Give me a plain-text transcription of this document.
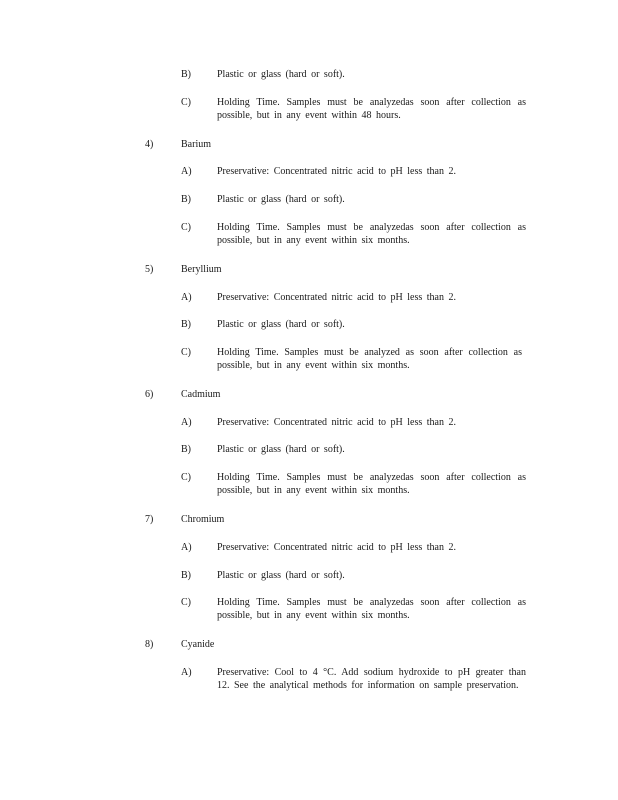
B)	Plastic or glass (hard or soft).
C)	Holding Time. Samples must be analyzedas soon after collection as possible, but in any event within 48 hours.
4)	Barium
A)	Preservative: Concentrated nitric acid to pH less than 2.
B)	Plastic or glass (hard or soft).
C)	Holding Time. Samples must be analyzedas soon after collection as possible, but in any event within six months.
5)	Beryllium
A)	Preservative: Concentrated nitric acid to pH less than 2.
B)	Plastic or glass (hard or soft).
C)	Holding Time. Samples must be analyzed as soon after collection as possible, but in any event within six months.
6)	Cadmium
A)	Preservative: Concentrated nitric acid to pH less than 2.
B)	Plastic or glass (hard or soft).
C)	Holding Time. Samples must be analyzedas soon after collection as possible, but in any event within six months.
7)	Chromium
A)	Preservative: Concentrated nitric acid to pH less than 2.
B)	Plastic or glass (hard or soft).
C)	Holding Time. Samples must be analyzedas soon after collection as possible, but in any event within six months.
8)	Cyanide
A)	Preservative: Cool to 4 °C. Add sodium hydroxide to pH greater than 12. See the analytical methods for information on sample preservation.
